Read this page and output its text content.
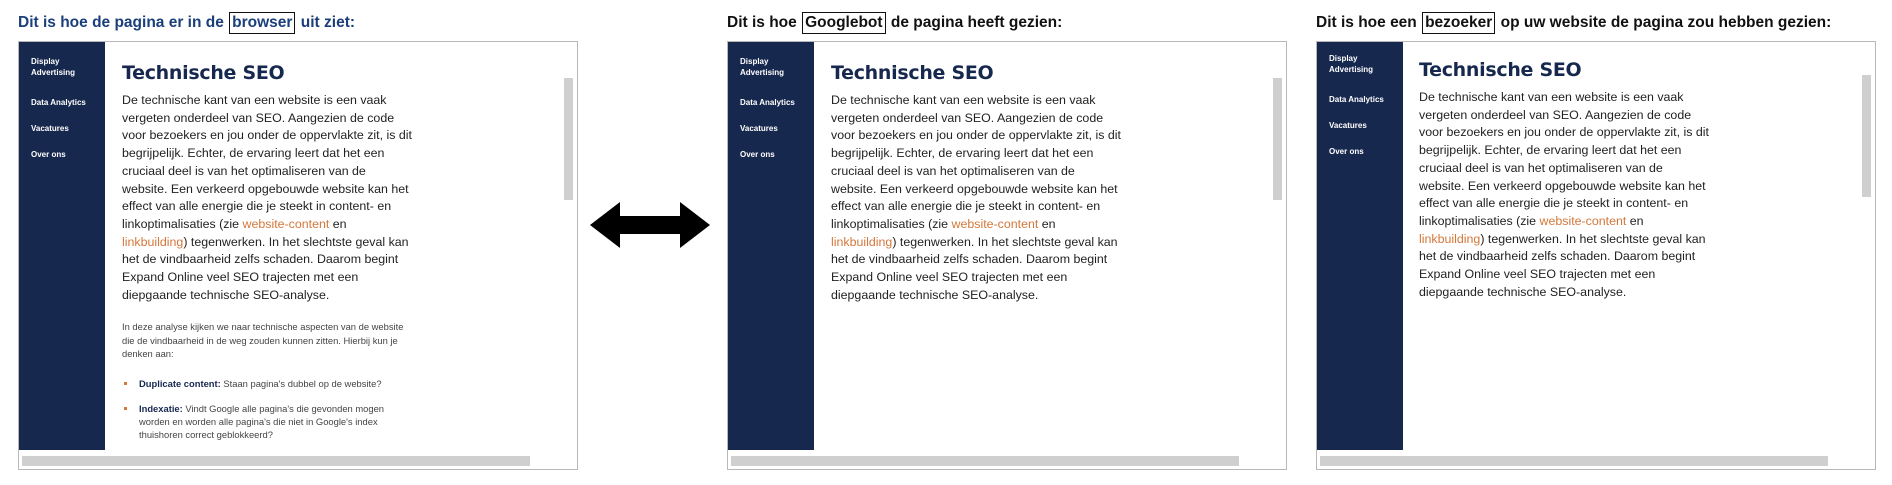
Dit is hoe de pagina er in de browser uit ziet:	Dit is hoe Googlebot de pagina heeft gezien:	Dit is hoe een bezoeker op uw website de pagina zou hebben gezien:
Display Advertising
Data Analytics
Vacatures
Over ons
Technische SEO

De technische kant van een website is een vaak vergeten onderdeel van SEO. Aangezien de code voor bezoekers en jou onder de oppervlakte zit, is dit begrijpelijk. Echter, de ervaring leert dat het een cruciaal deel is van het optimaliseren van de website. Een verkeerd opgebouwde website kan het effect van alle energie die je steekt in content- en linkoptimalisaties (zie website-content en linkbuilding) tegenwerken. In het slechtste geval kan het de vindbaarheid zelfs schaden. Daarom begint Expand Online veel SEO trajecten met een diepgaande technische SEO-analyse.

In deze analyse kijken we naar technische aspecten van de website die de vindbaarheid in de weg zouden kunnen zitten. Hierbij kun je denken aan:

Duplicate content: Staan pagina's dubbel op de website?
Indexatie: Vindt Google alle pagina's die gevonden mogen worden en worden alle pagina's die niet in Google's index thuishoren correct geblokkeerd?
Display Advertising
Data Analytics
Vacatures
Over ons
Technische SEO

De technische kant van een website is een vaak vergeten onderdeel van SEO. Aangezien de code voor bezoekers en jou onder de oppervlakte zit, is dit begrijpelijk. Echter, de ervaring leert dat het een cruciaal deel is van het optimaliseren van de website. Een verkeerd opgebouwde website kan het effect van alle energie die je steekt in content- en linkoptimalisaties (zie website-content en linkbuilding) tegenwerken. In het slechtste geval kan het de vindbaarheid zelfs schaden. Daarom begint Expand Online veel SEO trajecten met een diepgaande technische SEO-analyse.

Display Advertising
Data Analytics
Vacatures
Over ons
Technische SEO

De technische kant van een website is een vaak vergeten onderdeel van SEO. Aangezien de code voor bezoekers en jou onder de oppervlakte zit, is dit begrijpelijk. Echter, de ervaring leert dat het een cruciaal deel is van het optimaliseren van de website. Een verkeerd opgebouwde website kan het effect van alle energie die je steekt in content- en linkoptimalisaties (zie website-content en linkbuilding) tegenwerken. In het slechtste geval kan het de vindbaarheid zelfs schaden. Daarom begint Expand Online veel SEO trajecten met een diepgaande technische SEO-analyse.
